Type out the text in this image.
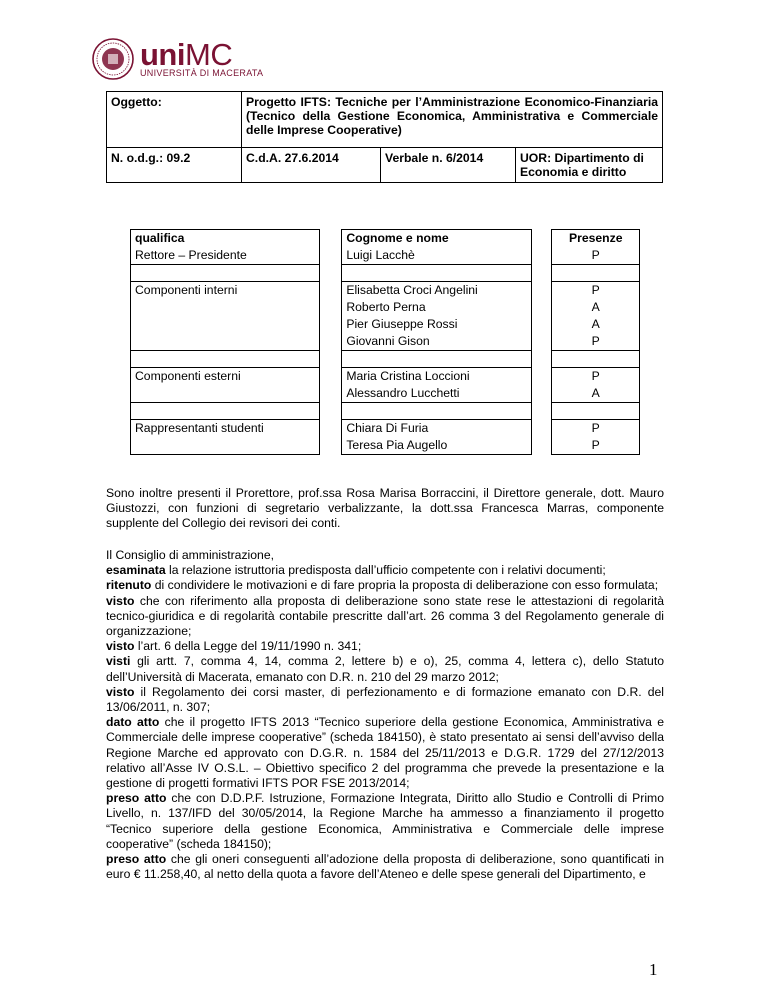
uniMC
UNIVERSITÀ DI MACERATA
Oggetto:	Progetto IFTS: Tecniche per l’Amministrazione Economico-Finanziaria (Tecnico della Gestione Economica, Amministrativa e Commerciale delle Imprese Cooperative)		
N. o.d.g.: 09.2	C.d.A. 27.6.2014	Verbale n. 6/2014	UOR: Dipartimento di Economia e diritto
qualifica		Cognome e nome		Presenze
Rettore – Presidente		Luigi Lacchè		P

Componenti interni		Elisabetta Croci Angelini		P
		Roberto Perna		A
		Pier Giuseppe Rossi		A
		Giovanni Gison		P

Componenti esterni		Maria Cristina Loccioni		P
		Alessandro Lucchetti		A

Rappresentanti studenti		Chiara Di Furia		P
		Teresa Pia Augello		P
Sono inoltre presenti il Prorettore, prof.ssa Rosa Marisa Borraccini, il Direttore generale, dott. Mauro Giustozzi, con funzioni di segretario verbalizzante, la dott.ssa Francesca Marras, componente supplente del Collegio dei revisori dei conti.

Il Consiglio di amministrazione,

esaminata la relazione istruttoria predisposta dall’ufficio competente con i relativi documenti;

ritenuto di condividere le motivazioni e di fare propria la proposta di deliberazione con esso formulata;

visto che con riferimento alla proposta di deliberazione sono state rese le attestazioni di regolarità tecnico-giuridica e di regolarità contabile prescritte dall’art. 26 comma 3 del Regolamento generale di organizzazione;

visto l’art. 6 della Legge del 19/11/1990 n. 341;

visti gli artt. 7, comma 4, 14, comma 2, lettere b) e o), 25, comma 4, lettera c), dello Statuto dell’Università di Macerata, emanato con D.R. n. 210 del 29 marzo 2012;

visto il Regolamento dei corsi master, di perfezionamento e di formazione emanato con D.R. del 13/06/2011, n. 307;

dato atto che il progetto IFTS 2013 “Tecnico superiore della gestione Economica, Amministrativa e Commerciale delle imprese cooperative” (scheda 184150), è stato presentato ai sensi dell’avviso della Regione Marche ed approvato con D.G.R. n. 1584 del 25/11/2013 e D.G.R. 1729 del 27/12/2013 relativo all’Asse IV O.S.L. – Obiettivo specifico 2 del programma che prevede la presentazione e la gestione di progetti formativi IFTS POR FSE 2013/2014;

preso atto che con D.D.P.F. Istruzione, Formazione Integrata, Diritto allo Studio e Controlli di Primo Livello, n. 137/IFD del 30/05/2014, la Regione Marche ha ammesso a finanziamento il progetto “Tecnico superiore della gestione Economica, Amministrativa e Commerciale delle imprese cooperative” (scheda 184150);

preso atto che gli oneri conseguenti all’adozione della proposta di deliberazione, sono quantificati in euro € 11.258,40, al netto della quota a favore dell’Ateneo e delle spese generali del Dipartimento, e

1
